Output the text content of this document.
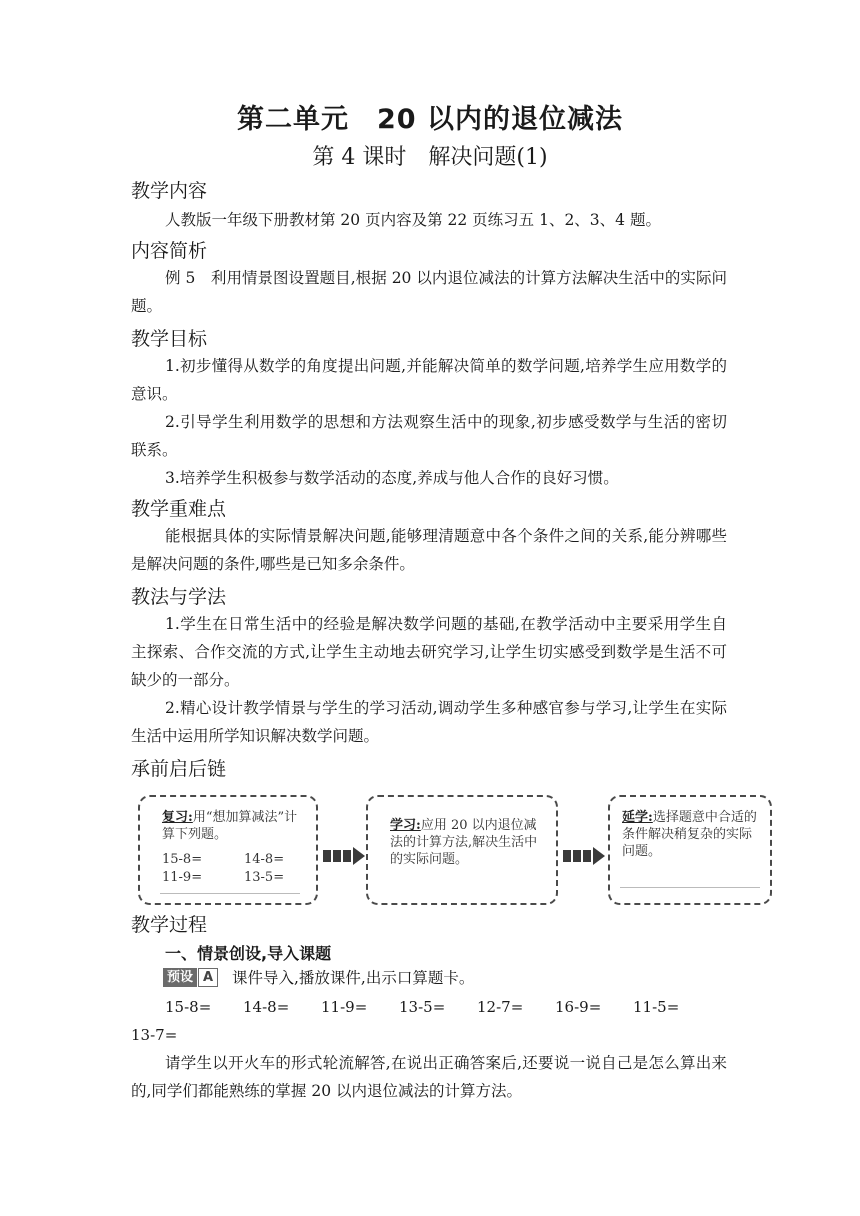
第二单元　20 以内的退位减法
第 4 课时　解决问题(1)
教学内容
人教版一年级下册教材第 20 页内容及第 22 页练习五 1、2、3、4 题。
内容简析
例 5　利用情景图设置题目,根据 20 以内退位减法的计算方法解决生活中的实际问题。
教学目标
1.初步懂得从数学的角度提出问题,并能解决简单的数学问题,培养学生应用数学的意识。
2.引导学生利用数学的思想和方法观察生活中的现象,初步感受数学与生活的密切联系。
3.培养学生积极参与数学活动的态度,养成与他人合作的良好习惯。
教学重难点
能根据具体的实际情景解决问题,能够理清题意中各个条件之间的关系,能分辨哪些是解决问题的条件,哪些是已知多余条件。
教法与学法
1.学生在日常生活中的经验是解决数学问题的基础,在教学活动中主要采用学生自主探索、合作交流的方式,让学生主动地去研究学习,让学生切实感受到数学是生活不可缺少的一部分。
2.精心设计教学情景与学生的学习活动,调动学生多种感官参与学习,让学生在实际生活中运用所学知识解决数学问题。
承前启后链
复习:用“想加算减法”计算下列题。
15-8=	14-8=
11-9=	13-5=
学习:应用 20 以内退位减法的计算方法,解决生活中的实际问题。
延学:选择题意中合适的条件解决稍复杂的实际问题。
教学过程
一、情景创设,导入课题
预设 A	课件导入,播放课件,出示口算题卡。
15-8= 14-8= 11-9= 13-5= 12-7= 16-9= 11-5=
13-7=
请学生以开火车的形式轮流解答,在说出正确答案后,还要说一说自己是怎么算出来的,同学们都能熟练的掌握 20 以内退位减法的计算方法。
